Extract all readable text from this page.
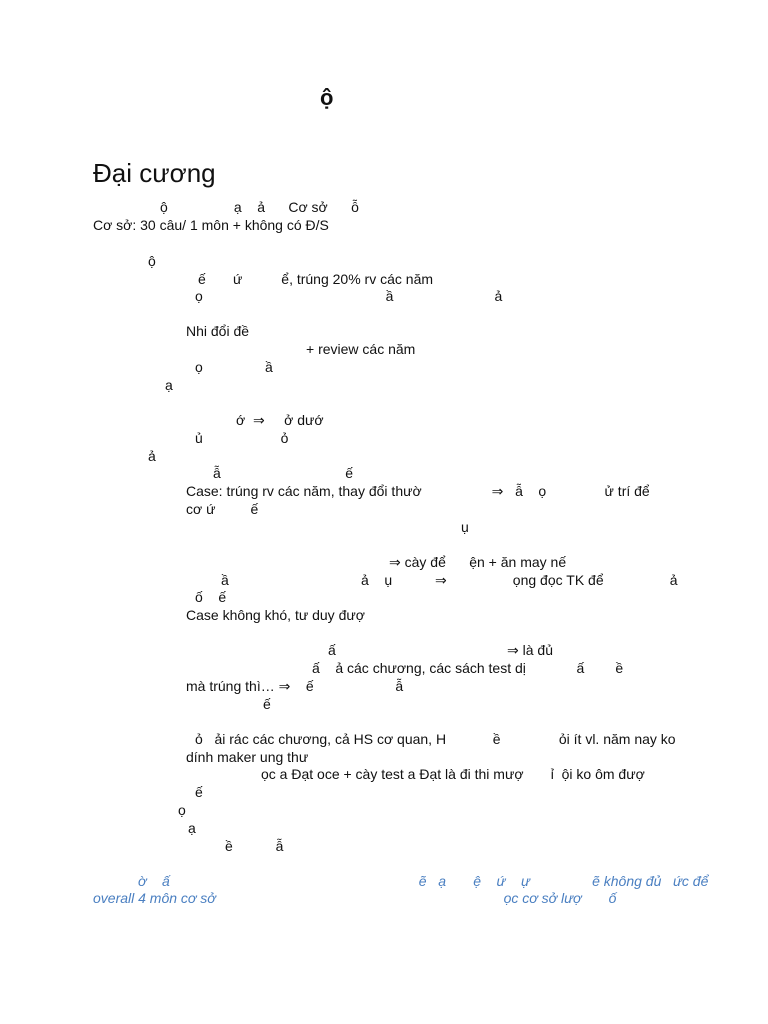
ộ
Đại cương
ộ                 ạ    ả      Cơ sở      ỗ
Cơ sở: 30 câu/ 1 môn + không có Đ/S
ộ
ế       ứ          ể, trúng 20% rv các năm
ọ                                               ầ                          ả
Nhi đổi đề
+ review các năm
ọ                ầ
ạ
ớ  ⇒     ở dướ
ủ                    ỏ
ả
ẫ                                ế
Case: trúng rv các năm, thay đổi thườ                  ⇒   ẫ    ọ               ử trí để
cơ ứ         ế
ụ
⇒ cày để      ện + ăn may nế
ầ                                  ả    ụ           ⇒                 ọng đọc TK để                 ả
ố    ế
Case không khó, tư duy đượ
ấ	⇒ là đủ
ấ    ả các chương, các sách test dị             ấ        ề
mà trúng thì… ⇒    ế                     ẫ
ế
ỏ   ải rác các chương, cả HS cơ quan, H            ề               ỏi ít vl. năm nay ko
dính maker ung thư
ọc a Đạt oce + cày test a Đạt là đi thi mượ       ỉ  ội ko ôm đượ
ế
ọ
ạ
ề           ẫ
ờ    ấ                                                                ẽ   ạ       ệ    ứ    ự                ẽ không đủ   ức để
overall 4 môn cơ sở                                                                          ọc cơ sở lượ       ố
